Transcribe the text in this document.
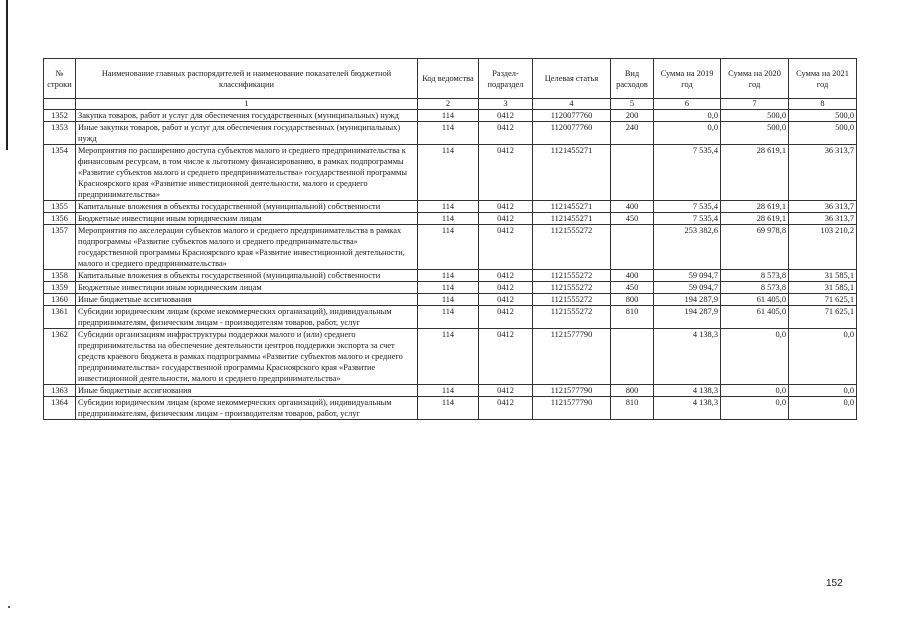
№ строки	Наименование главных распорядителей и наименование показателей бюджетной классификации	Код ведомства	Раздел-подраздел	Целевая статья	Вид расходов	Сумма на 2019 год	Сумма на 2020 год	Сумма на 2021 год
	1	2	3	4	5	6	7	8
1352	Закупка товаров, работ и услуг для обеспечения государственных (муниципальных) нужд	114	0412	1120077760	200	0,0	500,0	500,0
1353	Иные закупки товаров, работ и услуг для обеспечения государственных (муниципальных) нужд	114	0412	1120077760	240	0,0	500,0	500,0
1354	Мероприятия по расширению доступа субъектов малого и среднего предпринимательства к финансовым ресурсам, в том числе к льготному финансированию, в рамках подпрограммы «Развитие субъектов малого и среднего предпринимательства» государственной программы Красноярского края «Развитие инвестиционной деятельности, малого и среднего предпринимательства»	114	0412	1121455271		7 535,4	28 619,1	36 313,7
1355	Капитальные вложения в объекты государственной (муниципальной) собственности	114	0412	1121455271	400	7 535,4	28 619,1	36 313,7
1356	Бюджетные инвестиции иным юридическим лицам	114	0412	1121455271	450	7 535,4	28 619,1	36 313,7
1357	Мероприятия по акселерации субъектов малого и среднего предпринимательства в рамках подпрограммы «Развитие субъектов малого и среднего предпринимательства» государственной программы Красноярского края «Развитие инвестиционной деятельности, малого и среднего предпринимательства»	114	0412	1121555272		253 382,6	69 978,8	103 210,2
1358	Капитальные вложения в объекты государственной (муниципальной) собственности	114	0412	1121555272	400	59 094,7	8 573,8	31 585,1
1359	Бюджетные инвестиции иным юридическим лицам	114	0412	1121555272	450	59 094,7	8 573,8	31 585,1
1360	Иные бюджетные ассигнования	114	0412	1121555272	800	194 287,9	61 405,0	71 625,1
1361	Субсидии юридическим лицам (кроме некоммерческих организаций), индивидуальным предпринимателям, физическим лицам - производителям товаров, работ, услуг	114	0412	1121555272	810	194 287,9	61 405,0	71 625,1
1362	Субсидии организациям инфраструктуры поддержки малого и (или) среднего предпринимательства на обеспечение деятельности центров поддержки экспорта за счет средств краевого бюджета в рамках подпрограммы «Развитие субъектов малого и среднего предпринимательства» государственной программы Красноярского края «Развитие инвестиционной деятельности, малого и среднего предпринимательства»	114	0412	1121577790		4 138,3	0,0	0,0
1363	Иные бюджетные ассигнования	114	0412	1121577790	800	4 138,3	0,0	0,0
1364	Субсидии юридическим лицам (кроме некоммерческих организаций), индивидуальным предпринимателям, физическим лицам - производителям товаров, работ, услуг	114	0412	1121577790	810	4 138,3	0,0	0,0
152
